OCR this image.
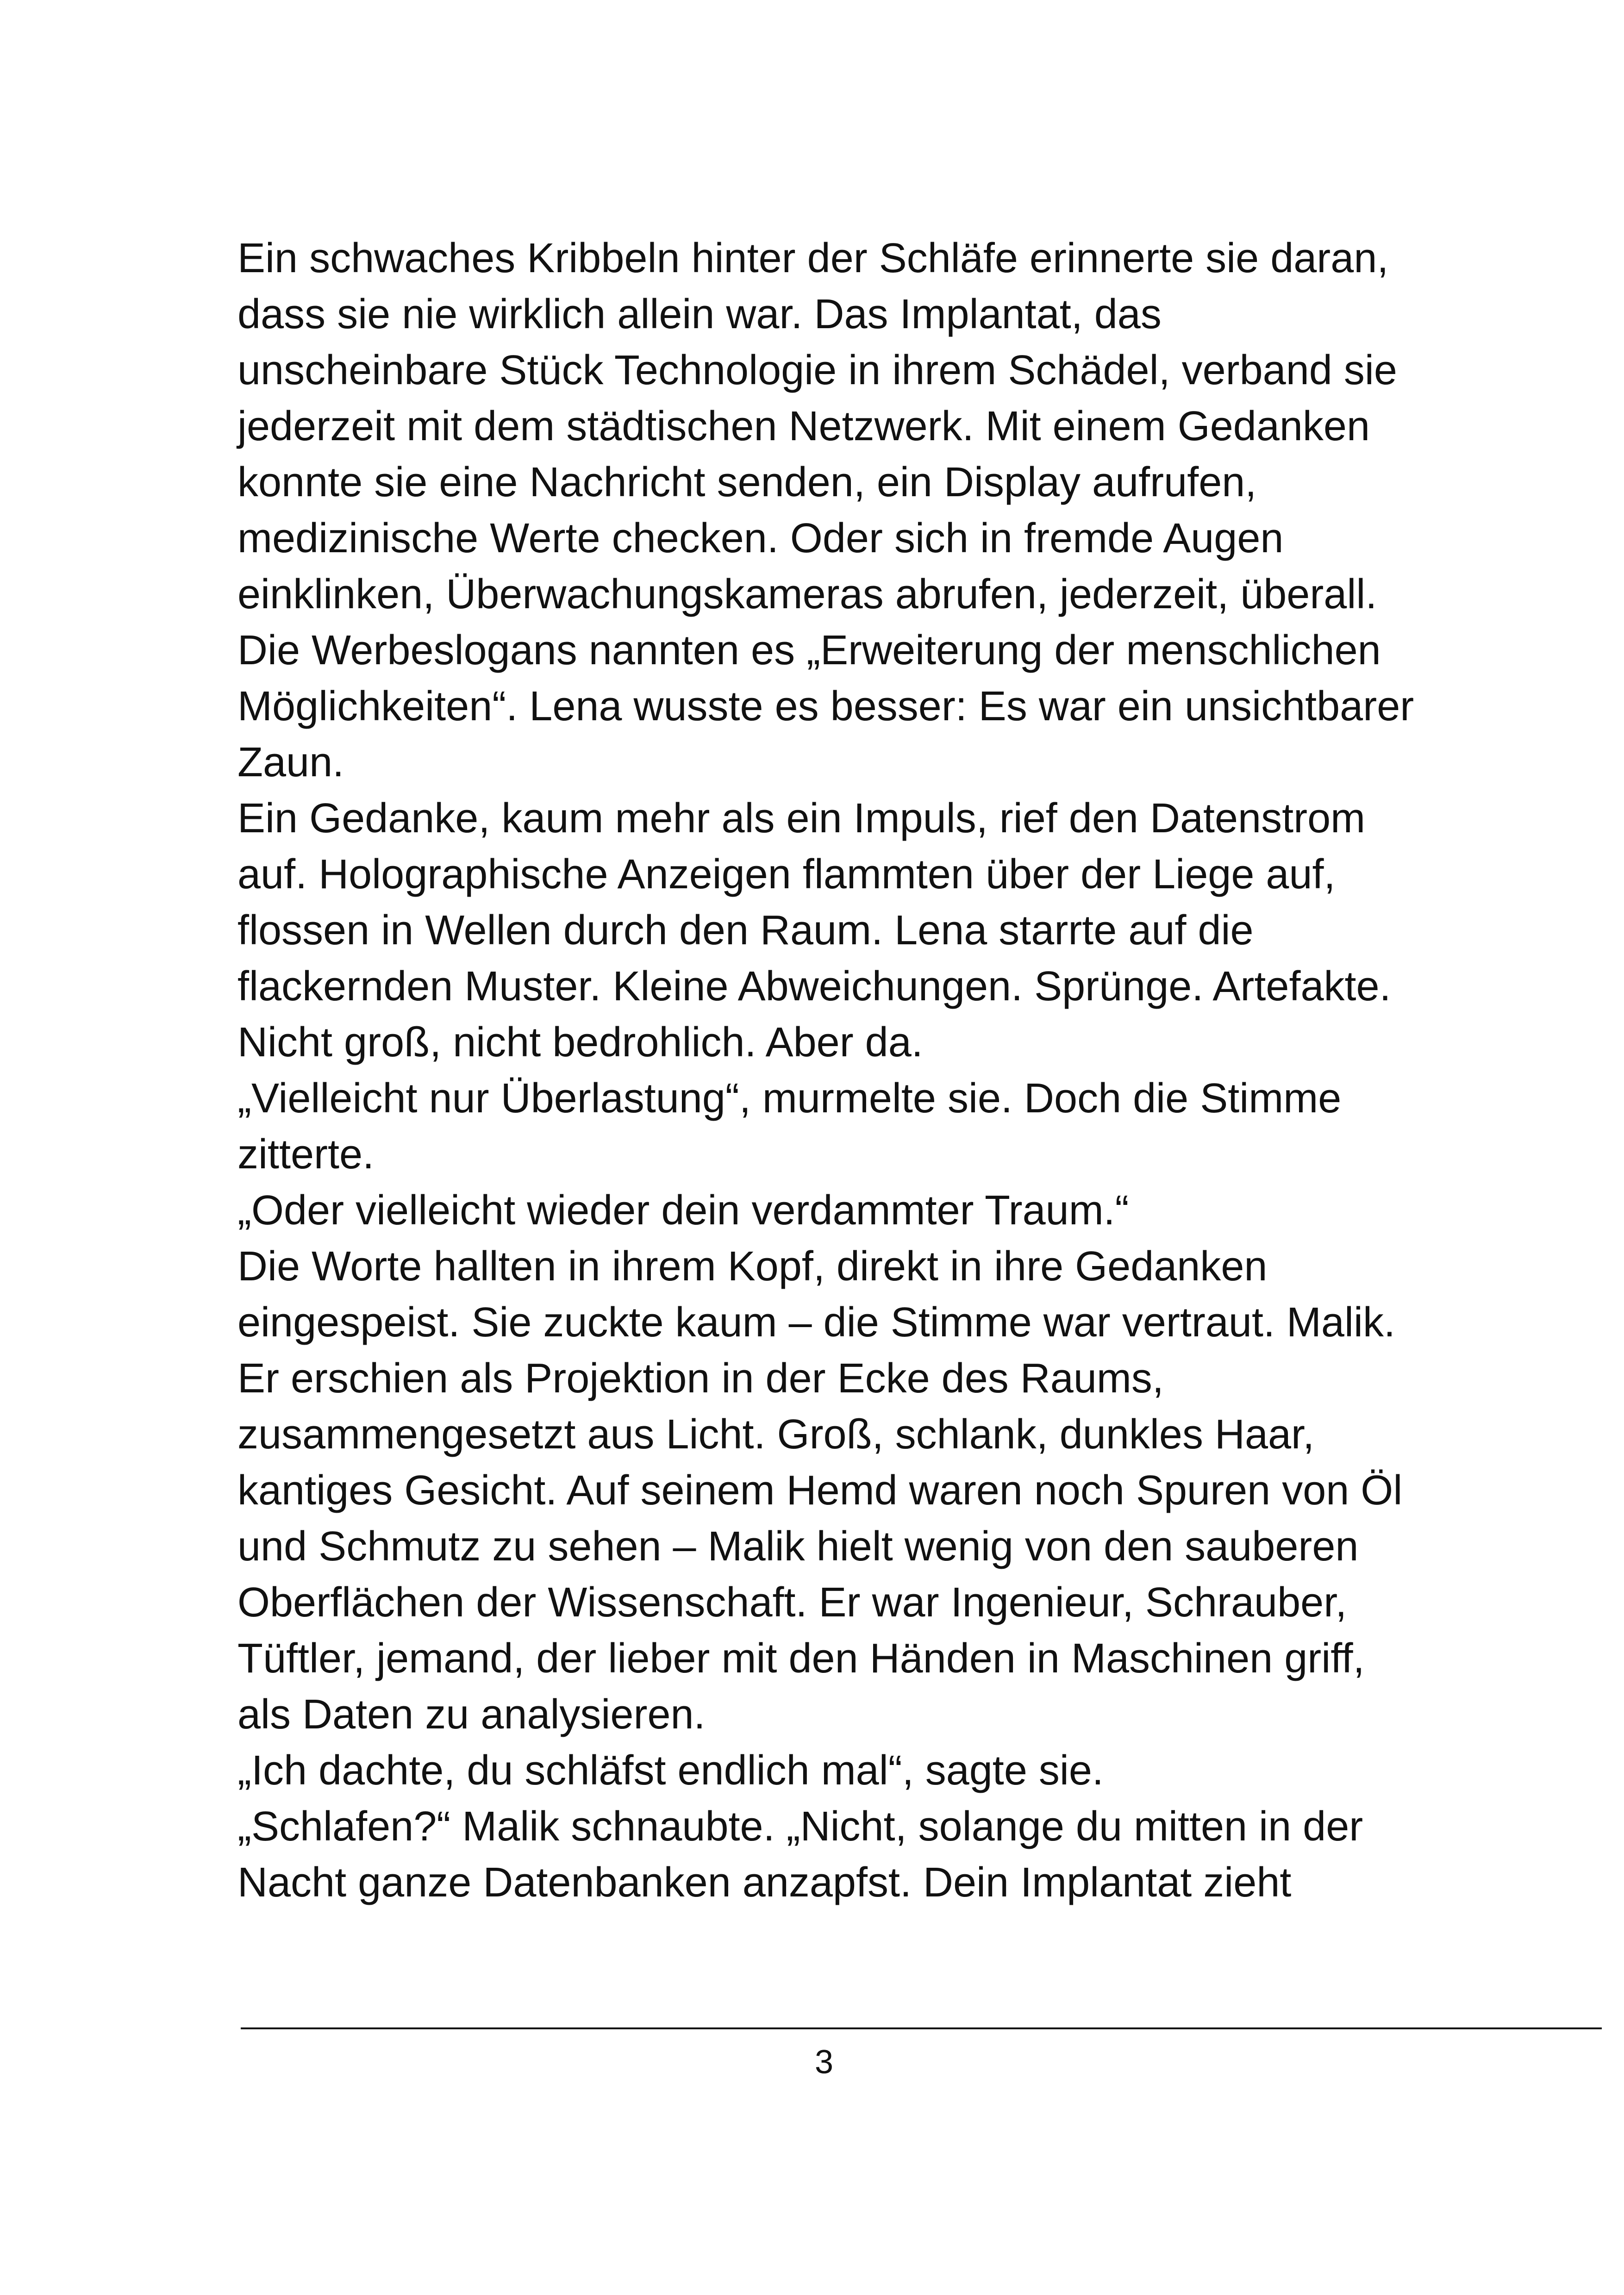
Ein schwaches Kribbeln hinter der Schläfe erinnerte sie daran,
dass sie nie wirklich allein war. Das Implantat, das
unscheinbare Stück Technologie in ihrem Schädel, verband sie
jederzeit mit dem städtischen Netzwerk. Mit einem Gedanken
konnte sie eine Nachricht senden, ein Display aufrufen,
medizinische Werte checken. Oder sich in fremde Augen
einklinken, Überwachungskameras abrufen, jederzeit, überall.
Die Werbeslogans nannten es „Erweiterung der menschlichen
Möglichkeiten“. Lena wusste es besser: Es war ein unsichtbarer
Zaun.
Ein Gedanke, kaum mehr als ein Impuls, rief den Datenstrom
auf. Holographische Anzeigen flammten über der Liege auf,
flossen in Wellen durch den Raum. Lena starrte auf die
flackernden Muster. Kleine Abweichungen. Sprünge. Artefakte.
Nicht groß, nicht bedrohlich. Aber da.
„Vielleicht nur Überlastung“, murmelte sie. Doch die Stimme
zitterte.
„Oder vielleicht wieder dein verdammter Traum.“
Die Worte hallten in ihrem Kopf, direkt in ihre Gedanken
eingespeist. Sie zuckte kaum – die Stimme war vertraut. Malik.
Er erschien als Projektion in der Ecke des Raums,
zusammengesetzt aus Licht. Groß, schlank, dunkles Haar,
kantiges Gesicht. Auf seinem Hemd waren noch Spuren von Öl
und Schmutz zu sehen – Malik hielt wenig von den sauberen
Oberflächen der Wissenschaft. Er war Ingenieur, Schrauber,
Tüftler, jemand, der lieber mit den Händen in Maschinen griff,
als Daten zu analysieren.
„Ich dachte, du schläfst endlich mal“, sagte sie.
„Schlafen?“ Malik schnaubte. „Nicht, solange du mitten in der
Nacht ganze Datenbanken anzapfst. Dein Implantat zieht
3
